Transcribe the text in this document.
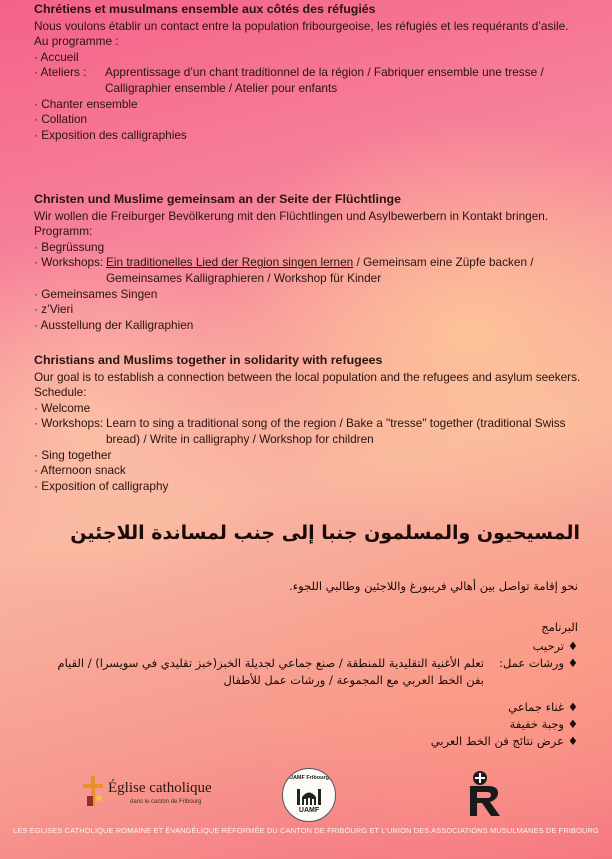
Chrétiens et musulmans ensemble aux côtés des réfugiés
Nous voulons établir un contact entre la population fribourgeoise, les réfugiés et les requérants d’asile.
Au programme :
· Accueil
· Ateliers :	Apprentissage d’un chant traditionnel de la région / Fabriquer ensemble une tresse / Calligraphier ensemble / Atelier pour enfants
· Chanter ensemble
· Collation
· Exposition des calligraphies
Christen und Muslime gemeinsam an der Seite der Flüchtlinge
Wir wollen die Freiburger Bevölkerung mit den Flüchtlingen und Asylbewerbern in Kontakt bringen.
Programm:
· Begrüssung
· Workshops: Ein traditionelles Lied der Region singen lernen / Gemeinsam eine Züpfe backen / Gemeinsames Kalligraphieren / Workshop für Kinder
· Gemeinsames Singen
· z’Vieri
· Ausstellung der Kalligraphien
Christians and Muslims together in solidarity with refugees
Our goal is to establish a connection between the local population and the refugees and asylum seekers.
Schedule:
· Welcome
· Workshops: Learn to sing a traditional song of the region / Bake a "tresse" together (traditional Swiss bread) / Write in calligraphy / Workshop for children
· Sing together
· Afternoon snack
· Exposition of calligraphy
المسيحيون والمسلمون جنبا إلى جنب لمساندة اللاجئين
نحو إقامة تواصل بين أهالي فريبورغ واللاجئين وطالبي اللجوء.
البرنامج
♦ترحيب
♦ورشات عمل:
تعلم الأغنية التقليدية للمنطقة / صنع جماعي لجديلة الخبز(خبز تقليدي في سويسرا) / القيام بفن الخط العربي مع المجموعة / ورشات عمل للأطفال
♦غناء جماعي
♦وجبة خفيفة
♦عرض نتائج فن الخط العربي
Église catholique
dans le canton de Fribourg
UAMF Fribourg
UAMF
LES EGLISES CATHOLIQUE ROMAINE ET ÉVANGÉLIQUE RÉFORMÉE DU CANTON DE FRIBOURG ET L’UNION DES ASSOCIATIONS MUSULMANES DE FRIBOURG
